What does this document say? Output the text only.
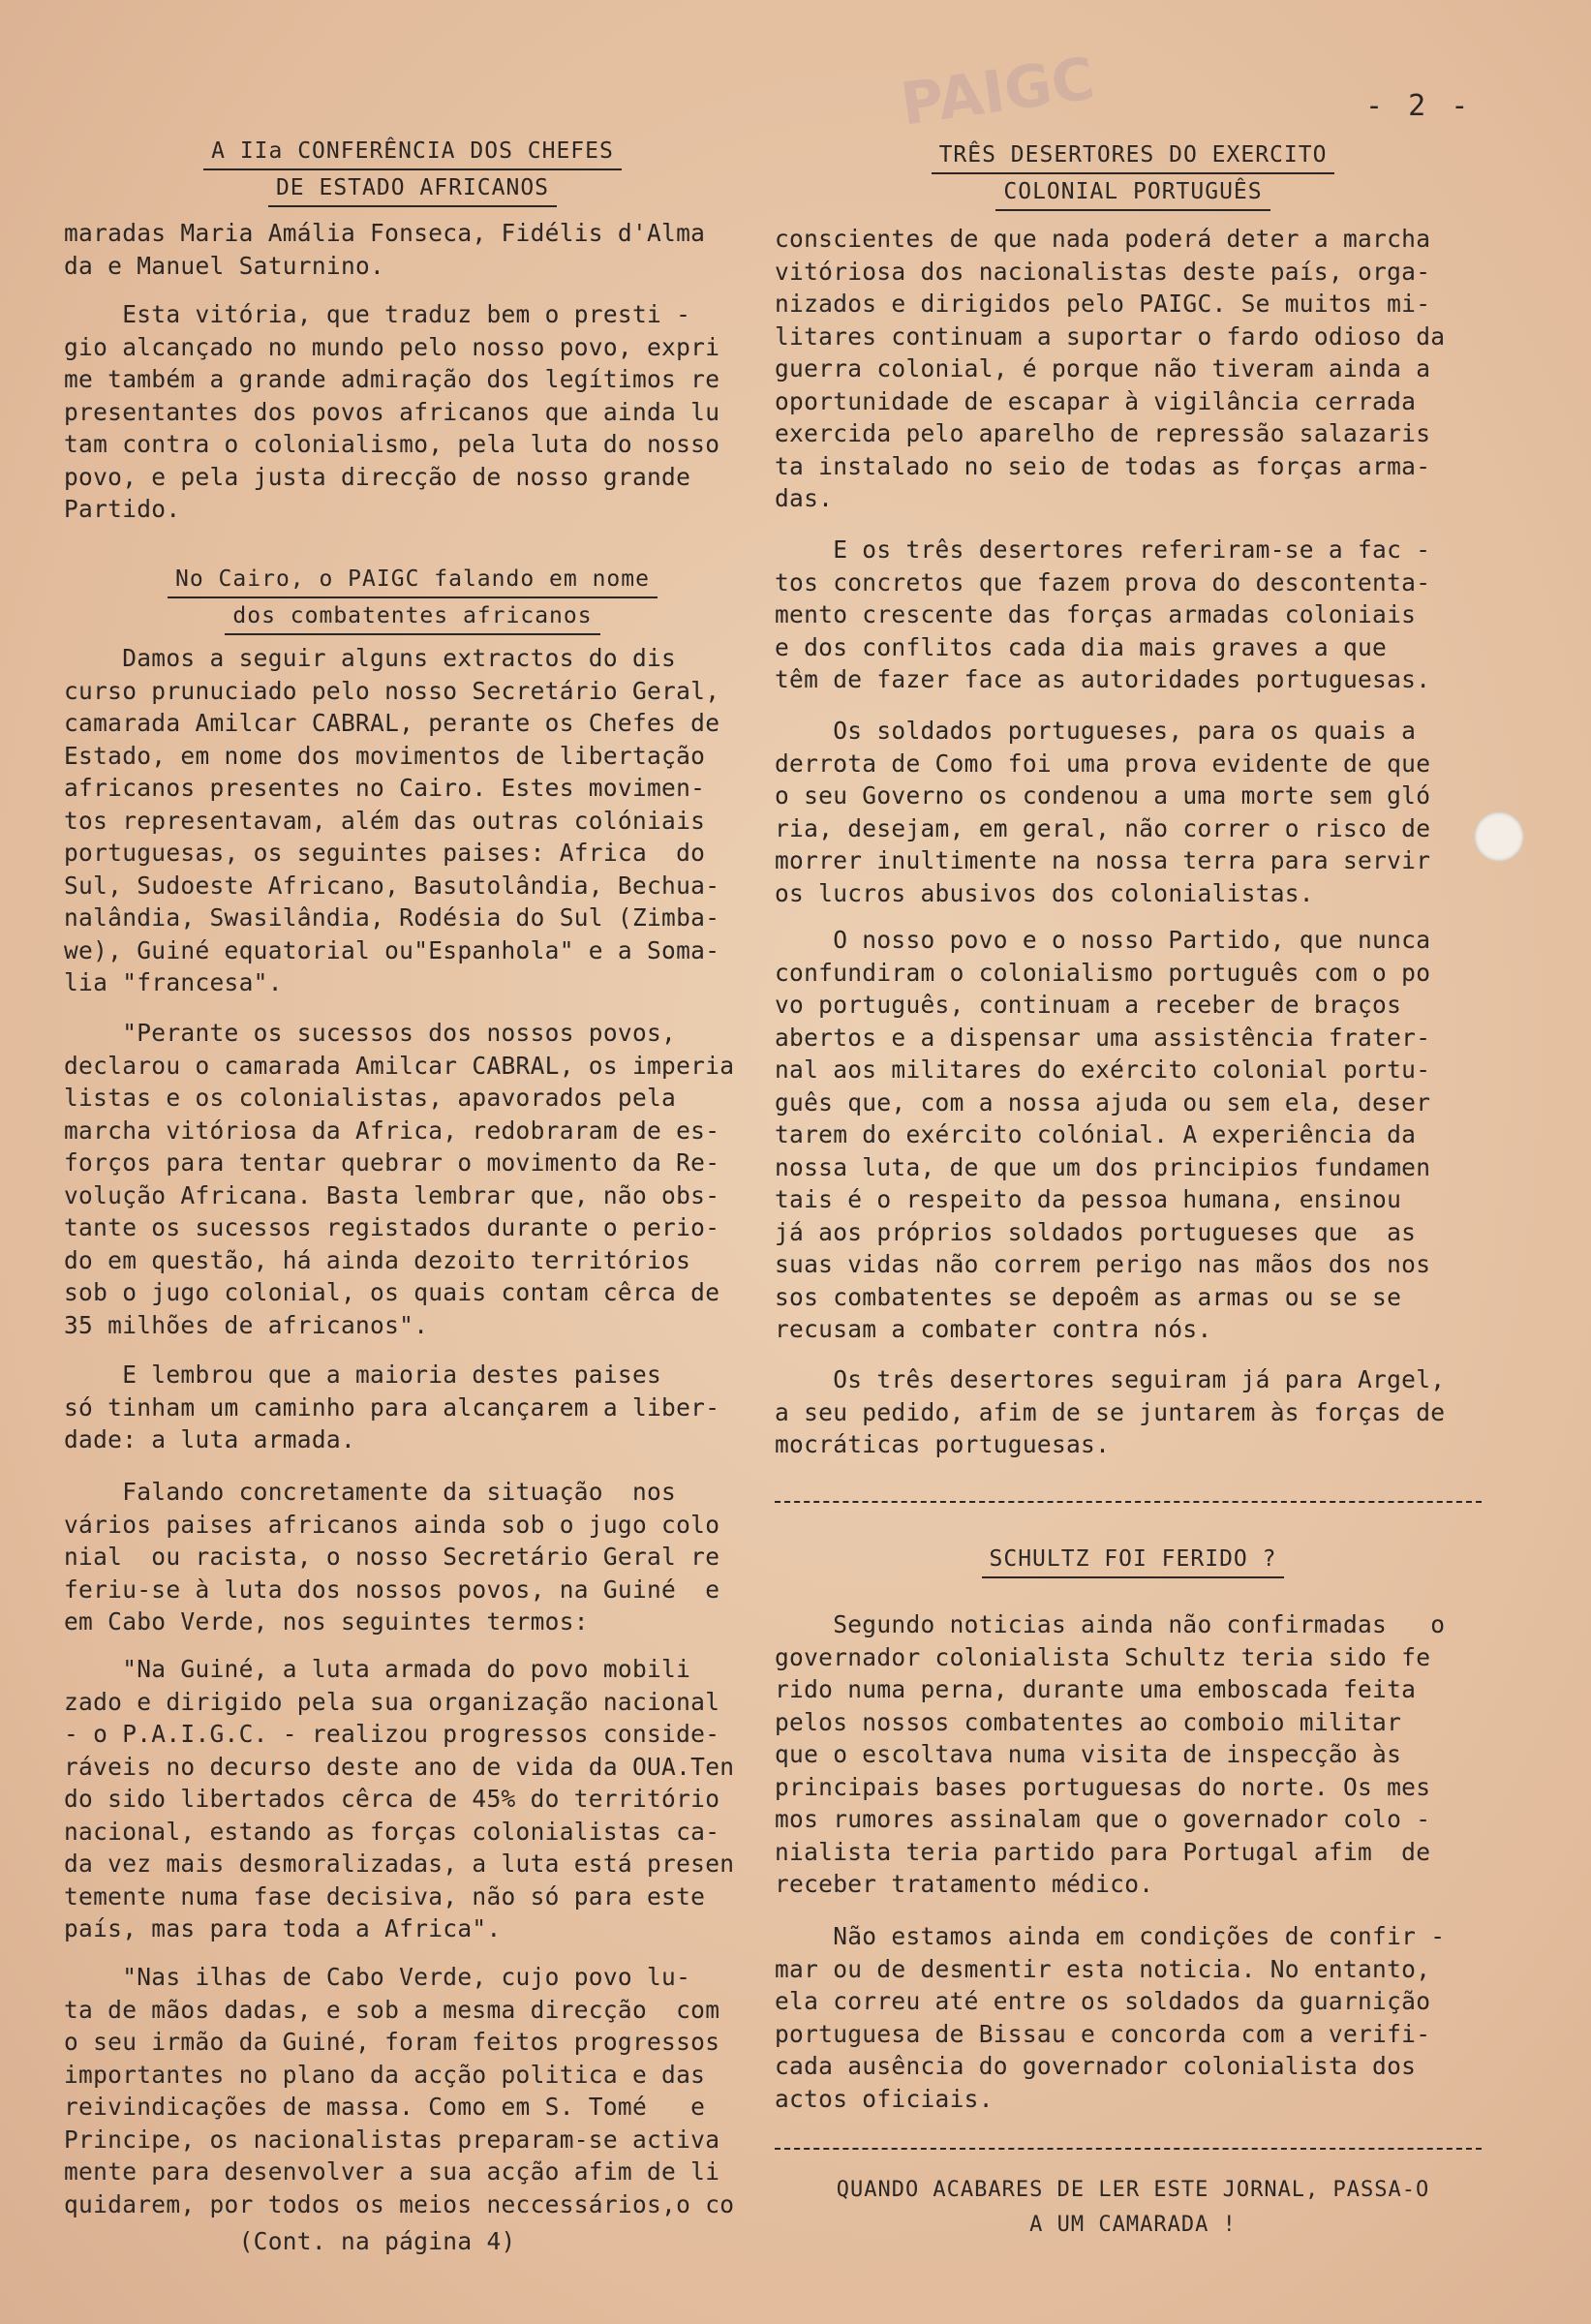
PAIGC	- 2 -
A IIa CONFERÊNCIA DOS CHEFES
DE ESTADO AFRICANOS
maradas Maria Amália Fonseca, Fidélis d'Alma
da e Manuel Saturnino.
Esta vitória, que traduz bem o presti -
gio alcançado no mundo pelo nosso povo, expri
me também a grande admiração dos legítimos re
presentantes dos povos africanos que ainda lu
tam contra o colonialismo, pela luta do nosso
povo, e pela justa direcção de nosso grande
Partido.
No Cairo, o PAIGC falando em nome
dos combatentes africanos
Damos a seguir alguns extractos do dis
curso prunuciado pelo nosso Secretário Geral,
camarada Amilcar CABRAL, perante os Chefes de
Estado, em nome dos movimentos de libertação
africanos presentes no Cairo. Estes movimen-
tos representavam, além das outras colóniais
portuguesas, os seguintes paises: Africa  do
Sul, Sudoeste Africano, Basutolândia, Bechua-
nalândia, Swasilândia, Rodésia do Sul (Zimba-
we), Guiné equatorial ou"Espanhola" e a Soma-
lia "francesa".
"Perante os sucessos dos nossos povos,
declarou o camarada Amilcar CABRAL, os imperia
listas e os colonialistas, apavorados pela
marcha vitóriosa da Africa, redobraram de es-
forços para tentar quebrar o movimento da Re-
volução Africana. Basta lembrar que, não obs-
tante os sucessos registados durante o perio-
do em questão, há ainda dezoito territórios
sob o jugo colonial, os quais contam cêrca de
35 milhões de africanos".
E lembrou que a maioria destes paises
só tinham um caminho para alcançarem a liber-
dade: a luta armada.
Falando concretamente da situação  nos
vários paises africanos ainda sob o jugo colo
nial  ou racista, o nosso Secretário Geral re
feriu-se à luta dos nossos povos, na Guiné  e
em Cabo Verde, nos seguintes termos:
"Na Guiné, a luta armada do povo mobili
zado e dirigido pela sua organização nacional
- o P.A.I.G.C. - realizou progressos conside-
ráveis no decurso deste ano de vida da OUA.Ten
do sido libertados cêrca de 45% do território
nacional, estando as forças colonialistas ca-
da vez mais desmoralizadas, a luta está presen
temente numa fase decisiva, não só para este
país, mas para toda a Africa".
"Nas ilhas de Cabo Verde, cujo povo lu-
ta de mãos dadas, e sob a mesma direcção  com
o seu irmão da Guiné, foram feitos progressos
importantes no plano da acção politica e das
reivindicações de massa. Como em S. Tomé   e
Principe, os nacionalistas preparam-se activa
mente para desenvolver a sua acção afim de li
quidarem, por todos os meios neccessários,o co
(Cont. na página 4)
TRÊS DESERTORES DO EXERCITO
COLONIAL PORTUGUÊS
conscientes de que nada poderá deter a marcha
vitóriosa dos nacionalistas deste país, orga-
nizados e dirigidos pelo PAIGC. Se muitos mi-
litares continuam a suportar o fardo odioso da
guerra colonial, é porque não tiveram ainda a
oportunidade de escapar à vigilância cerrada
exercida pelo aparelho de repressão salazaris
ta instalado no seio de todas as forças arma-
das.
E os três desertores referiram-se a fac -
tos concretos que fazem prova do descontenta-
mento crescente das forças armadas coloniais
e dos conflitos cada dia mais graves a que
têm de fazer face as autoridades portuguesas.
Os soldados portugueses, para os quais a
derrota de Como foi uma prova evidente de que
o seu Governo os condenou a uma morte sem gló
ria, desejam, em geral, não correr o risco de
morrer inultimente na nossa terra para servir
os lucros abusivos dos colonialistas.
O nosso povo e o nosso Partido, que nunca
confundiram o colonialismo português com o po
vo português, continuam a receber de braços
abertos e a dispensar uma assistência frater-
nal aos militares do exército colonial portu-
guês que, com a nossa ajuda ou sem ela, deser
tarem do exército colónial. A experiência da
nossa luta, de que um dos principios fundamen
tais é o respeito da pessoa humana, ensinou
já aos próprios soldados portugueses que  as
suas vidas não correm perigo nas mãos dos nos
sos combatentes se depoêm as armas ou se se
recusam a combater contra nós.
Os três desertores seguiram já para Argel,
a seu pedido, afim de se juntarem às forças de
mocráticas portuguesas.
SCHULTZ FOI FERIDO ?
Segundo noticias ainda não confirmadas   o
governador colonialista Schultz teria sido fe
rido numa perna, durante uma emboscada feita
pelos nossos combatentes ao comboio militar
que o escoltava numa visita de inspecção às
principais bases portuguesas do norte. Os mes
mos rumores assinalam que o governador colo -
nialista teria partido para Portugal afim  de
receber tratamento médico.
Não estamos ainda em condições de confir -
mar ou de desmentir esta noticia. No entanto,
ela correu até entre os soldados da guarnição
portuguesa de Bissau e concorda com a verifi-
cada ausência do governador colonialista dos
actos oficiais.
QUANDO ACABARES DE LER ESTE JORNAL, PASSA-O
A UM CAMARADA !
